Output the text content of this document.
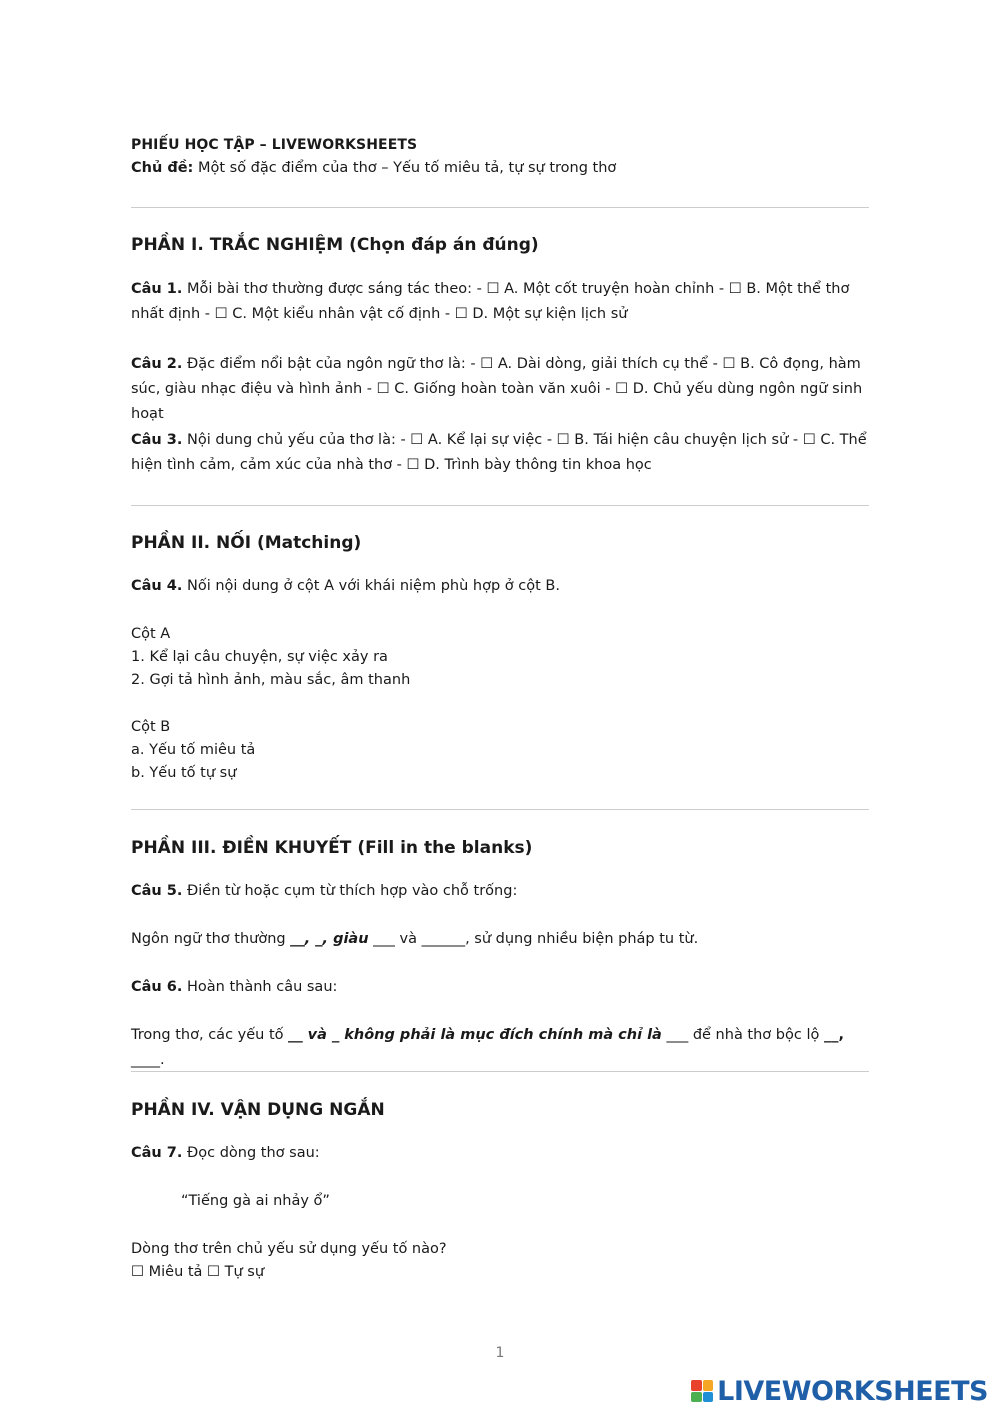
PHIẾU HỌC TẬP – LIVEWORKSHEETS
Chủ đề: Một số đặc điểm của thơ – Yếu tố miêu tả, tự sự trong thơ
PHẦN I. TRẮC NGHIỆM (Chọn đáp án đúng)

Câu 1. Mỗi bài thơ thường được sáng tác theo: - ☐ A. Một cốt truyện hoàn chỉnh - ☐ B. Một thể thơ nhất định - ☐ C. Một kiểu nhân vật cố định - ☐ D. Một sự kiện lịch sử

Câu 2. Đặc điểm nổi bật của ngôn ngữ thơ là: - ☐ A. Dài dòng, giải thích cụ thể - ☐ B. Cô đọng, hàm súc, giàu nhạc điệu và hình ảnh - ☐ C. Giống hoàn toàn văn xuôi - ☐ D. Chủ yếu dùng ngôn ngữ sinh hoạt

Câu 3. Nội dung chủ yếu của thơ là: - ☐ A. Kể lại sự việc - ☐ B. Tái hiện câu chuyện lịch sử - ☐ C. Thể hiện tình cảm, cảm xúc của nhà thơ - ☐ D. Trình bày thông tin khoa học

PHẦN II. NỐI (Matching)

Câu 4. Nối nội dung ở cột A với khái niệm phù hợp ở cột B.

Cột A
1. Kể lại câu chuyện, sự việc xảy ra
2. Gợi tả hình ảnh, màu sắc, âm thanh
Cột B
a. Yếu tố miêu tả
b. Yếu tố tự sự
PHẦN III. ĐIỀN KHUYẾT (Fill in the blanks)

Câu 5. Điền từ hoặc cụm từ thích hợp vào chỗ trống:

Ngôn ngữ thơ thường __, _, giàu ___ và ______, sử dụng nhiều biện pháp tu từ.

Câu 6. Hoàn thành câu sau:

Trong thơ, các yếu tố __ và _ không phải là mục đích chính mà chỉ là ___ để nhà thơ bộc lộ __, ____.

PHẦN IV. VẬN DỤNG NGẮN

Câu 7. Đọc dòng thơ sau:

“Tiếng gà ai nhảy ổ”
Dòng thơ trên chủ yếu sử dụng yếu tố nào?
☐ Miêu tả ☐ Tự sự
1
LIVEWORKSHEETS
